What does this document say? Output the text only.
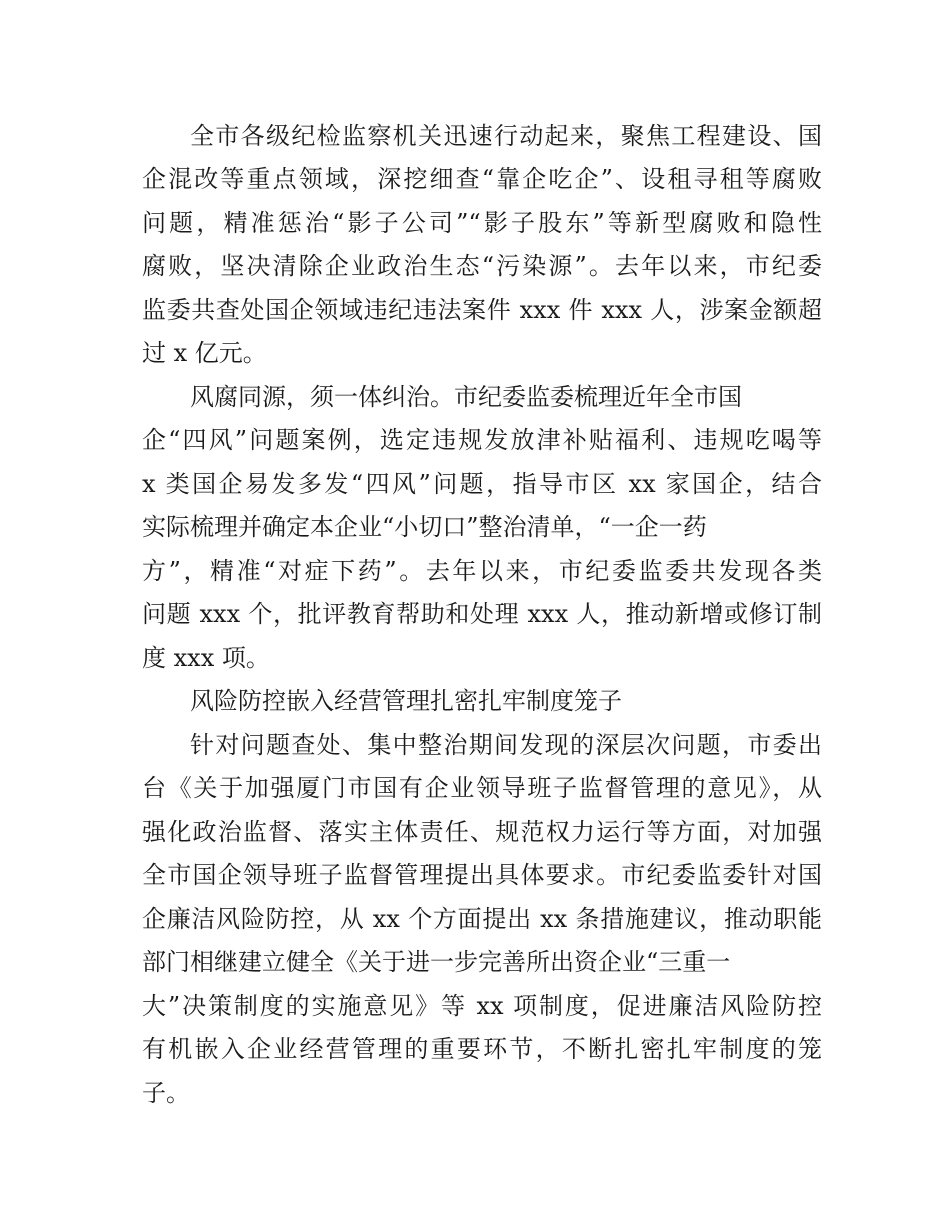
全市各级纪检监察机关迅速行动起来，聚焦工程建设、国
企混改等重点领域，深挖细查“靠企吃企”、设租寻租等腐败
问题，精准惩治“影子公司”“影子股东”等新型腐败和隐性
腐败，坚决清除企业政治生态“污染源”。去年以来，市纪委
监委共查处国企领域违纪违法案件 xxx 件 xxx 人，涉案金额超
过 x 亿元。
风腐同源，须一体纠治。市纪委监委梳理近年全市国
企“四风”问题案例，选定违规发放津补贴福利、违规吃喝等
x 类国企易发多发“四风”问题，指导市区 xx 家国企，结合
实际梳理并确定本企业“小切口”整治清单，“一企一药
方”，精准“对症下药”。去年以来，市纪委监委共发现各类
问题 xxx 个，批评教育帮助和处理 xxx 人，推动新增或修订制
度 xxx 项。
风险防控嵌入经营管理扎密扎牢制度笼子
针对问题查处、集中整治期间发现的深层次问题，市委出
台《关于加强厦门市国有企业领导班子监督管理的意见》，从
强化政治监督、落实主体责任、规范权力运行等方面，对加强
全市国企领导班子监督管理提出具体要求。市纪委监委针对国
企廉洁风险防控，从 xx 个方面提出 xx 条措施建议，推动职能
部门相继建立健全《关于进一步完善所出资企业“三重一
大”决策制度的实施意见》等 xx 项制度，促进廉洁风险防控
有机嵌入企业经营管理的重要环节，不断扎密扎牢制度的笼
子。
